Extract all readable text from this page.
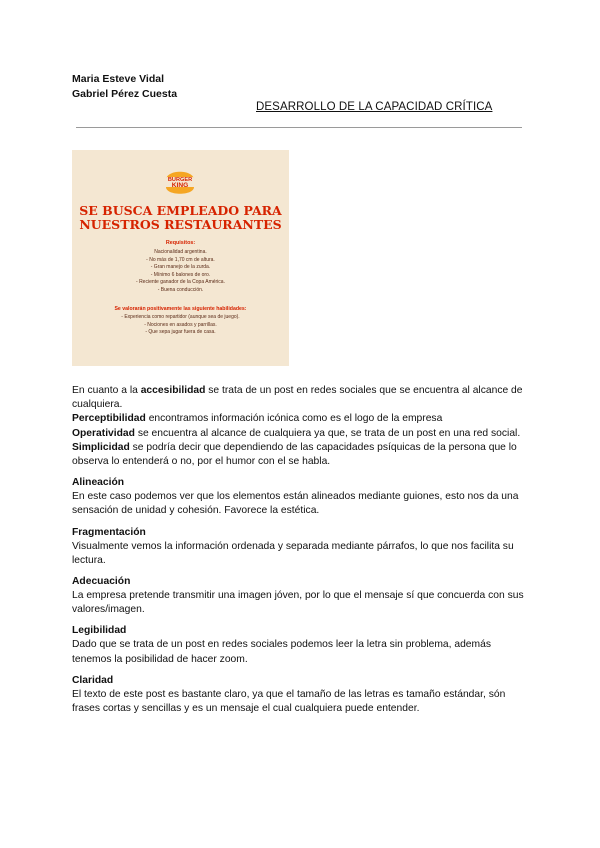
Maria Esteve Vidal
Gabriel Pérez Cuesta
DESARROLLO DE LA CAPACIDAD CRÍTICA
BURGER
KING
SE BUSCA EMPLEADO PARA
NUESTROS RESTAURANTES
Requisitos:
Nacionalidad argentina.
- No más de 1,70 cm de altura.
- Gran manejo de la zurda.
- Mínimo 6 balones de oro.
- Reciente ganador de la Copa América.
- Buena conducción.
Se valorarán positivamente las siguiente habilidades:
- Experiencia como repartidor (aunque sea de juego).
- Nociones en asados y parrillas.
- Que sepa jugar fuera de casa.

En cuanto a la accesibilidad se trata de un post en redes sociales que se encuentra al alcance de cualquiera.

Perceptibilidad encontramos información icónica como es el logo de la empresa

Operatividad se encuentra al alcance de cualquiera ya que, se trata de un post en una red social.

Simplicidad se podría decir que dependiendo de las capacidades psíquicas de la persona que lo observa lo entenderá o no, por el humor con el se habla.

Alineación

En este caso podemos ver que los elementos están alineados mediante guiones, esto nos da una sensación de unidad y cohesión. Favorece la estética.

Fragmentación

Visualmente vemos la información ordenada y separada mediante párrafos, lo que nos facilita su lectura.

Adecuación

La empresa pretende transmitir una imagen jóven, por lo que el mensaje sí que concuerda con sus valores/imagen.

Legibilidad

Dado que se trata de un post en redes sociales podemos leer la letra sin problema, además tenemos la posibilidad de hacer zoom.

Claridad

El texto de este post es bastante claro, ya que el tamaño de las letras es tamaño estándar, són frases cortas y sencillas y es un mensaje el cual cualquiera puede entender.
